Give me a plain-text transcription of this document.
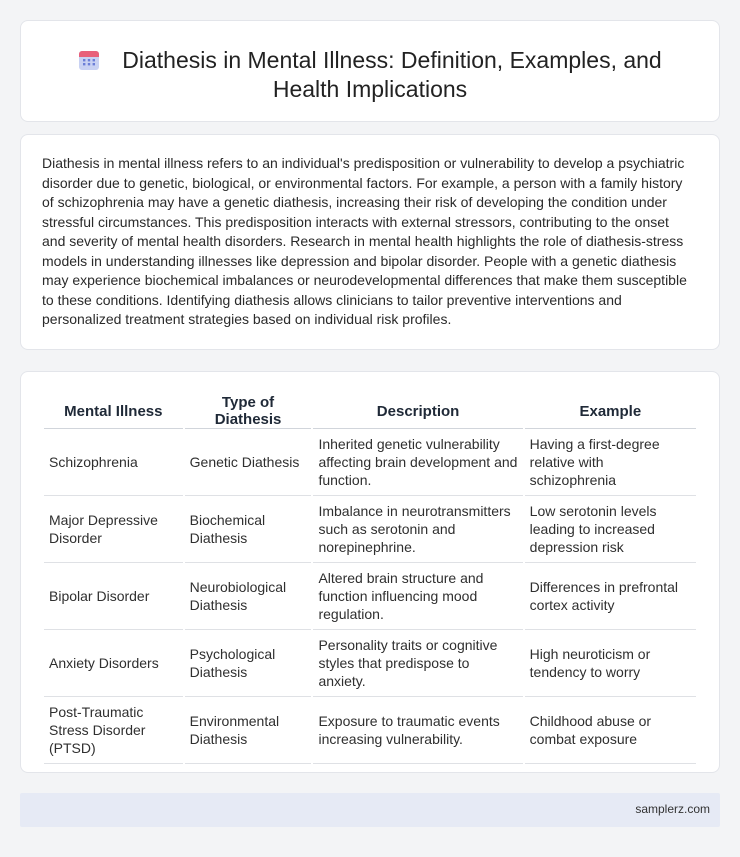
Diathesis in Mental Illness: Definition, Examples, and Health Implications

Diathesis in mental illness refers to an individual's predisposition or vulnerability to develop a psychiatric disorder due to genetic, biological, or environmental factors. For example, a person with a family history of schizophrenia may have a genetic diathesis, increasing their risk of developing the condition under stressful circumstances. This predisposition interacts with external stressors, contributing to the onset and severity of mental health disorders. Research in mental health highlights the role of diathesis-stress models in understanding illnesses like depression and bipolar disorder. People with a genetic diathesis may experience biochemical imbalances or neurodevelopmental differences that make them susceptible to these conditions. Identifying diathesis allows clinicians to tailor preventive interventions and personalized treatment strategies based on individual risk profiles.

Mental Illness	Type of Diathesis	Description	Example
Schizophrenia	Genetic Diathesis	Inherited genetic vulnerability affecting brain development and function.	Having a first-degree relative with schizophrenia
Major Depressive Disorder	Biochemical Diathesis	Imbalance in neurotransmitters such as serotonin and norepinephrine.	Low serotonin levels leading to increased depression risk
Bipolar Disorder	Neurobiological Diathesis	Altered brain structure and function influencing mood regulation.	Differences in prefrontal cortex activity
Anxiety Disorders	Psychological Diathesis	Personality traits or cognitive styles that predispose to anxiety.	High neuroticism or tendency to worry
Post-Traumatic Stress Disorder (PTSD)	Environmental Diathesis	Exposure to traumatic events increasing vulnerability.	Childhood abuse or combat exposure
samplerz.com
